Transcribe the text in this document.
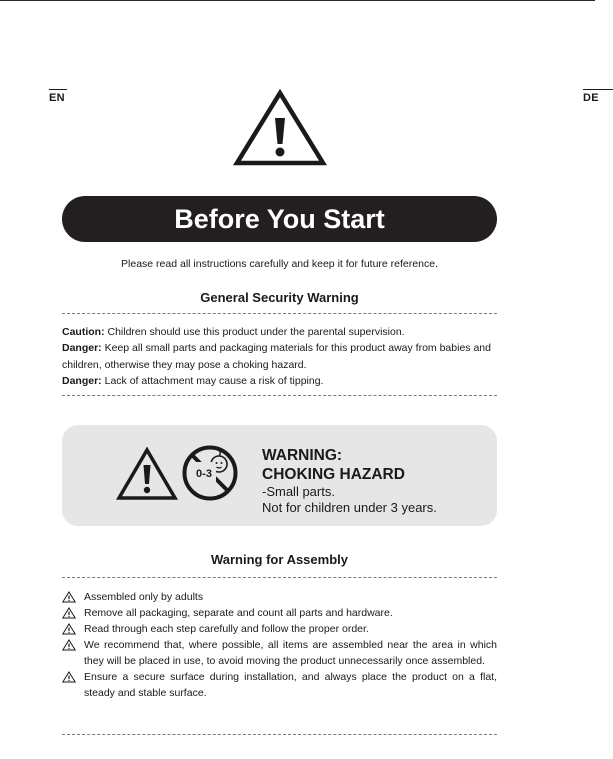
EN	DE
Before You Start
Please read all instructions carefully and keep it for future reference.
General Security Warning

Caution: Children should use this product under the parental supervision.

Danger: Keep all small parts and packaging materials for this product away from babies and children, otherwise they may pose a choking hazard.

Danger: Lack of attachment may cause a risk of tipping.

0-3
WARNING:
CHOKING HAZARD
-Small parts.
Not for children under 3 years.
Warning for Assembly
Assembled only by adults
Remove all packaging, separate and count all parts and hardware.
Read through each step carefully and follow the proper order.
We recommend that, where possible, all items are assembled near the area in which they will be placed in use, to avoid moving the product unnecessarily once assembled.
Ensure a secure surface during installation, and always place the product on a flat, steady and stable surface.
